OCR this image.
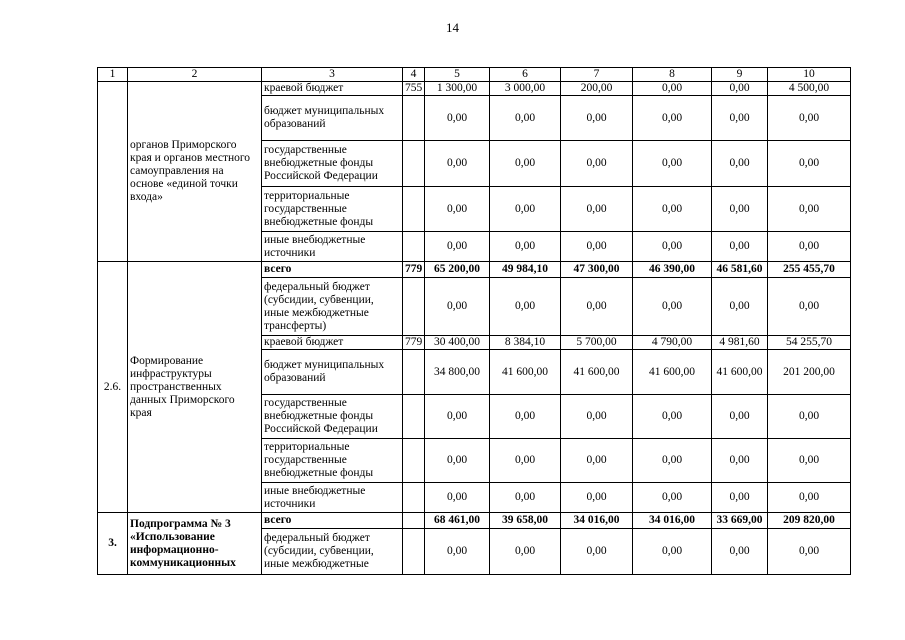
14
1	2	3	4	5	6	7	8	9	10
	органов Приморского края и органов местного самоуправления на основе «единой точки входа»	краевой бюджет	755	1 300,00	3 000,00	200,00	0,00	0,00	4 500,00
		бюджет муниципальных образований		0,00	0,00	0,00	0,00	0,00	0,00
		государственные внебюджетные фонды Российской Федерации		0,00	0,00	0,00	0,00	0,00	0,00
		территориальные государственные внебюджетные фонды		0,00	0,00	0,00	0,00	0,00	0,00
		иные внебюджетные источники		0,00	0,00	0,00	0,00	0,00	0,00
2.6.	Формирование инфраструктуры пространственных данных Приморского края	всего	779	65 200,00	49 984,10	47 300,00	46 390,00	46 581,60	255 455,70
		федеральный бюджет (субсидии, субвенции, иные межбюджетные трансферты)		0,00	0,00	0,00	0,00	0,00	0,00
		краевой бюджет	779	30 400,00	8 384,10	5 700,00	4 790,00	4 981,60	54 255,70
		бюджет муниципальных образований		34 800,00	41 600,00	41 600,00	41 600,00	41 600,00	201 200,00
		государственные внебюджетные фонды Российской Федерации		0,00	0,00	0,00	0,00	0,00	0,00
		территориальные государственные внебюджетные фонды		0,00	0,00	0,00	0,00	0,00	0,00
		иные внебюджетные источники		0,00	0,00	0,00	0,00	0,00	0,00
3.	Подпрограмма № 3 «Использование информационно-коммуникационных	всего		68 461,00	39 658,00	34 016,00	34 016,00	33 669,00	209 820,00
		федеральный бюджет (субсидии, субвенции, иные межбюджетные		0,00	0,00	0,00	0,00	0,00	0,00
